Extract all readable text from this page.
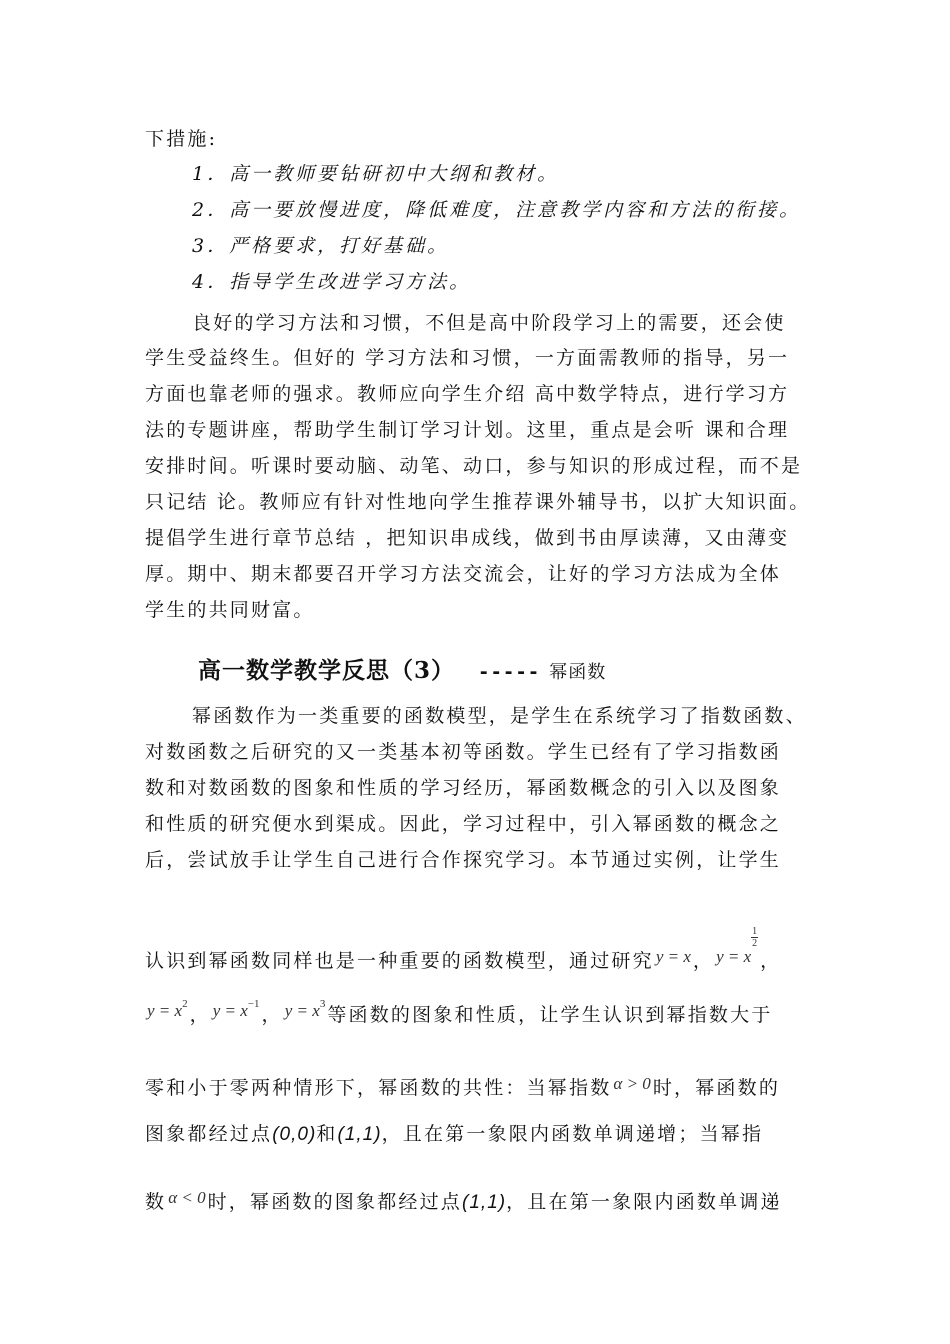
下措施:
1．高一教师要钻研初中大纲和教材。
2．高一要放慢进度，降低难度，注意教学内容和方法的衔接。
3．严格要求，打好基础。
4．指导学生改进学习方法。
良好的学习方法和习惯，不但是高中阶段学习上的需要，还会使
学生受益终生。但好的 学习方法和习惯，一方面需教师的指导，另一
方面也靠老师的强求。教师应向学生介绍 高中数学特点，进行学习方
法的专题讲座，帮助学生制订学习计划。这里，重点是会听 课和合理
安排时间。听课时要动脑、动笔、动口，参与知识的形成过程，而不是
只记结 论。教师应有针对性地向学生推荐课外辅导书，以扩大知识面。
提倡学生进行章节总结 ，把知识串成线，做到书由厚读薄，又由薄变
厚。期中、期末都要召开学习方法交流会，让好的学习方法成为全体
学生的共同财富。
高一数学教学反思（3） ----- 幂函数
幂函数作为一类重要的函数模型，是学生在系统学习了指数函数、
对数函数之后研究的又一类基本初等函数。学生已经有了学习指数函
数和对数函数的图象和性质的学习经历，幂函数概念的引入以及图象
和性质的研究便水到渠成。因此，学习过程中，引入幂函数的概念之
后，尝试放手让学生自己进行合作探究学习。本节通过实例，让学生
认识到幂函数同样也是一种重要的函数模型，通过研究 y = x ， y = x
$\frac{1}{2}$
，
$y = x^2$ ， $y = x^{-1}$ ， $y = x^3$ 等函数的图象和性质，让学生认识到幂指数大于
零和小于零两种情形下，幂函数的共性：当幂指数 α > 0 时，幂函数的
图象都经过点(0,0)和(1,1)，且在第一象限内函数单调递增；当幂指
数 α < 0 时，幂函数的图象都经过点(1,1)，且在第一象限内函数单调递
